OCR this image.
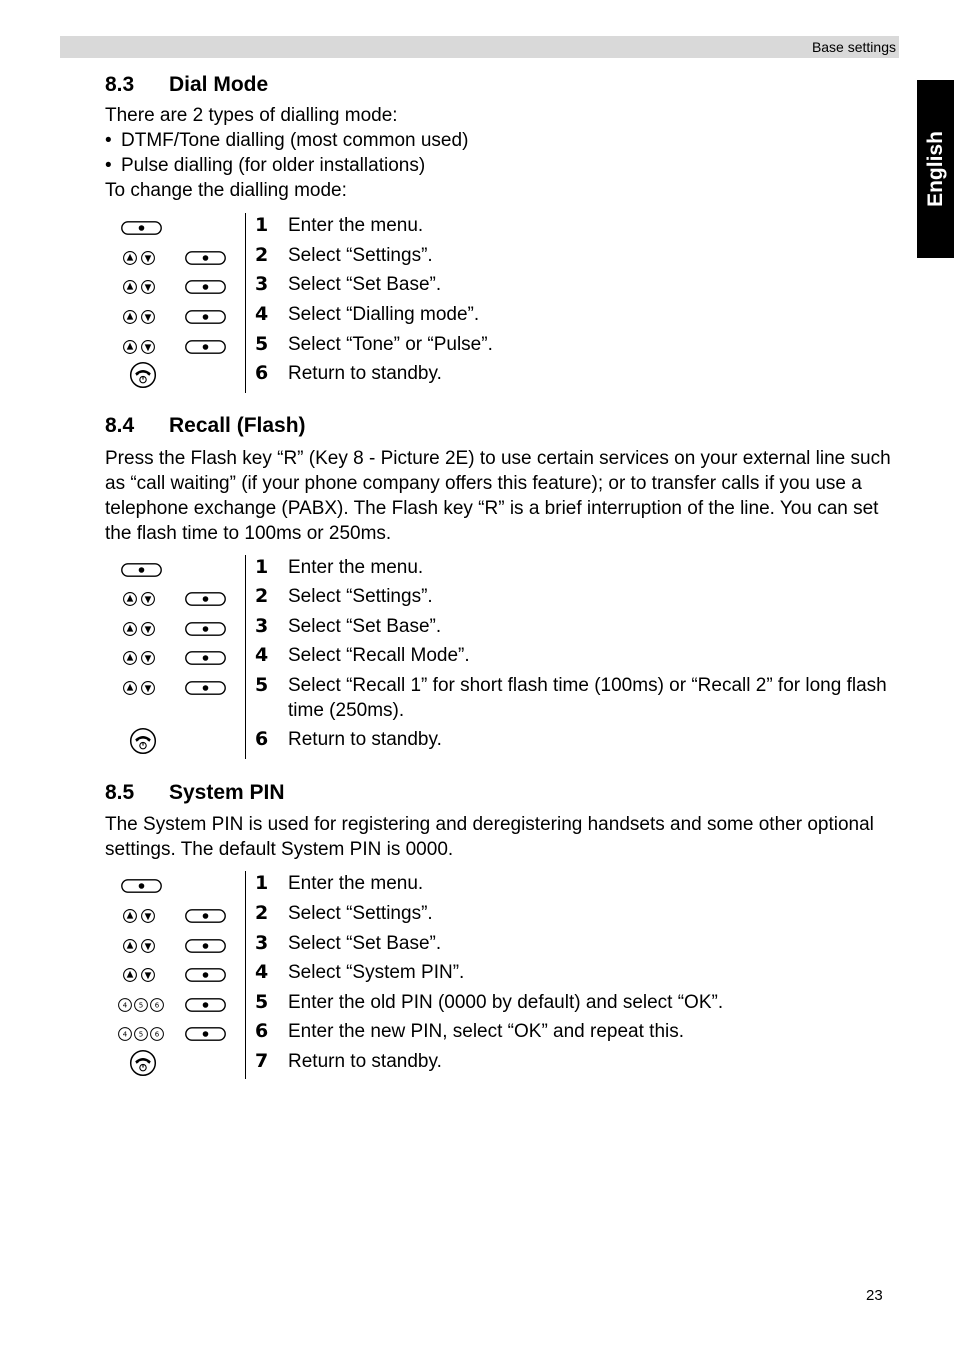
Base settings
English
8.3 Dial Mode

There are 2 types of dialling mode:

• DTMF/Tone dialling (most common used)
• Pulse dialling (for older installations)

To change the dialling mode:

1 Enter the menu.
2 Select “Settings”.
3 Select “Set Base”.
4 Select “Dialling mode”.
5 Select “Tone” or “Pulse”.
6 Return to standby.
8.4 Recall (Flash)

Press the Flash key “R” (Key 8 - Picture 2E) to use certain services on your external line such as “call waiting” (if your phone company offers this feature); or to transfer calls if you use a telephone exchange (PABX). The Flash key “R” is a brief interruption of the line. You can set the flash time to 100ms or 250ms.

1 Enter the menu.
2 Select “Settings”.
3 Select “Set Base”.
4 Select “Recall Mode”.
5 Select “Recall 1” for short flash time (100ms) or “Recall 2” for long flash time (250ms).
6 Return to standby.
8.5 System PIN

The System PIN is used for registering and deregistering handsets and some other optional settings. The default System PIN is 0000.

1 Enter the menu.
2 Select “Settings”.
3 Select “Set Base”.
4 Select “System PIN”.
4 5 6	5 Enter the old PIN (0000 by default) and select “OK”.
4 5 6	6 Enter the new PIN, select “OK” and repeat this.
7 Return to standby.
23
